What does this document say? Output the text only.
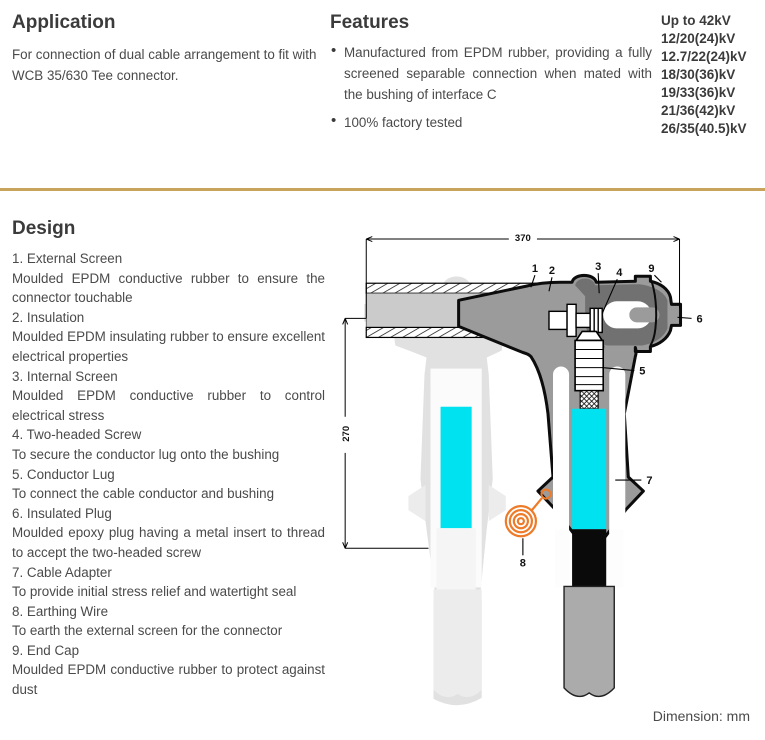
Application
For connection of dual cable arrangement to fit with WCB 35/630 Tee connector.
Features
• Manufactured from EPDM rubber, providing a fully screened separable connection when mated with the bushing of interface C
• 100% factory tested
Up to 42kV
12/20(24)kV
12.7/22(24)kV
18/30(36)kV
19/33(36)kV
21/36(42)kV
26/35(40.5)kV
Design
1. External Screen
Moulded EPDM conductive rubber to ensure the connector touchable
2. Insulation
Moulded EPDM insulating rubber to ensure excellent electrical properties
3. Internal Screen
Moulded EPDM conductive rubber to control electrical stress
4. Two-headed Screw
To secure the conductor lug onto the bushing
5. Conductor Lug
To connect the cable conductor and bushing
6. Insulated Plug
Moulded epoxy plug having a metal insert to thread to accept the two-headed screw
7. Cable Adapter
To provide initial stress relief and watertight seal
8. Earthing Wire
To earth the external screen for the connector
9. End Cap
Moulded EPDM conductive rubber to protect against dust
370
270
1 2	3
4
5
6
7
8
9
Dimension: mm
